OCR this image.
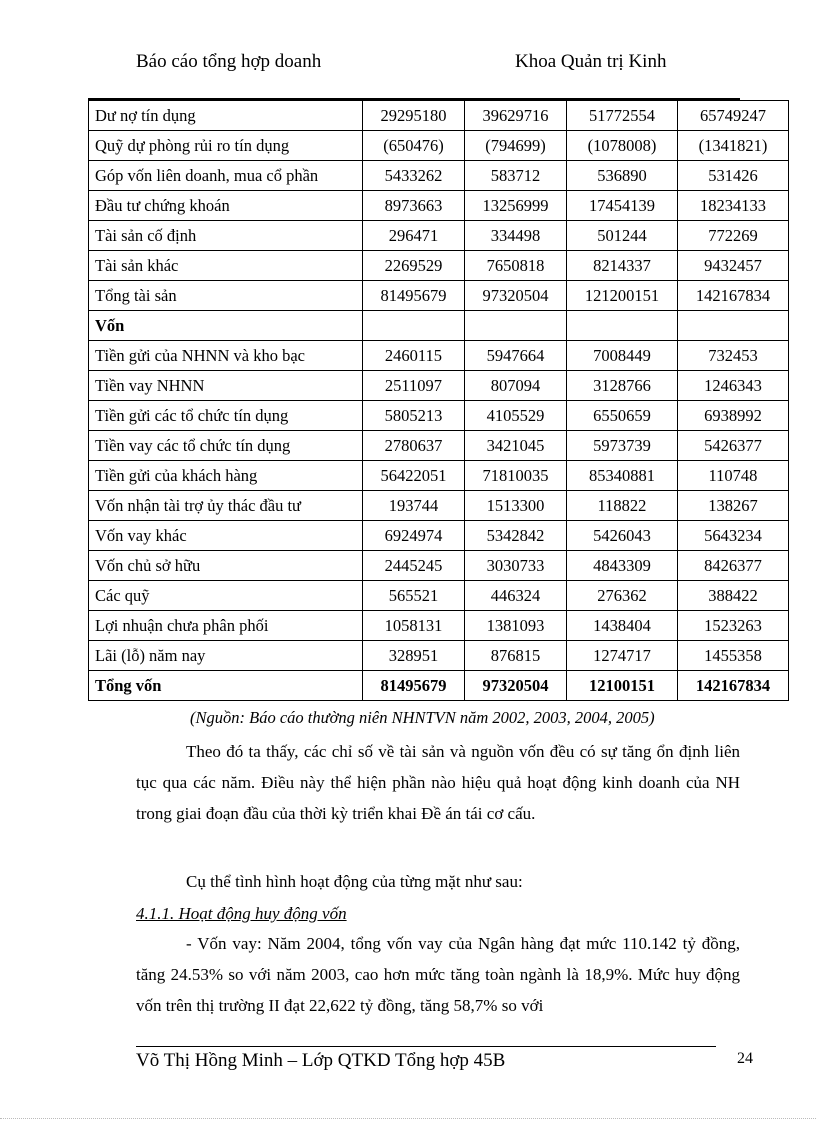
Báo cáo tổng hợp doanh	Khoa Quản trị Kinh
Dư nợ tín dụng	29295180	39629716	51772554	65749247
Quỹ dự phòng rủi ro tín dụng	(650476)	(794699)	(1078008)	(1341821)
Góp vốn liên doanh, mua cổ phần	5433262	583712	536890	531426
Đầu tư chứng khoán	8973663	13256999	17454139	18234133
Tài sản cố định	296471	334498	501244	772269
Tài sản khác	2269529	7650818	8214337	9432457
Tổng tài sản	81495679	97320504	121200151	142167834
Vốn				
Tiền gửi của NHNN và kho bạc	2460115	5947664	7008449	732453
Tiền vay NHNN	2511097	807094	3128766	1246343
Tiền gửi các tổ chức tín dụng	5805213	4105529	6550659	6938992
Tiền vay các tổ chức tín dụng	2780637	3421045	5973739	5426377
Tiền gửi của khách hàng	56422051	71810035	85340881	110748
Vốn nhận tài trợ ủy thác đầu tư	193744	1513300	118822	138267
Vốn vay khác	6924974	5342842	5426043	5643234
Vốn chủ sở hữu	2445245	3030733	4843309	8426377
Các quỹ	565521	446324	276362	388422
Lợi nhuận chưa phân phối	1058131	1381093	1438404	1523263
Lãi (lỗ) năm nay	328951	876815	1274717	1455358
Tổng vốn	81495679	97320504	12100151	142167834
(Nguồn: Báo cáo thường niên NHNTVN năm 2002, 2003, 2004, 2005)
Theo đó ta thấy, các chỉ số về tài sản và nguồn vốn đều có sự tăng ổn định liên tục qua các năm. Điều này thể hiện phần nào hiệu quả hoạt động kinh doanh của NH trong giai đoạn đầu của thời kỳ triển khai Đề án tái cơ cấu.
Cụ thể tình hình hoạt động của từng mặt như sau:
4.1.1. Hoạt động huy động vốn
- Vốn vay: Năm 2004, tổng vốn vay của Ngân hàng đạt mức 110.142 tỷ đồng, tăng 24.53% so với năm 2003, cao hơn mức tăng toàn ngành là 18,9%. Mức huy động vốn trên thị trường II đạt 22,622 tỷ đồng, tăng 58,7% so với
Võ Thị Hồng Minh – Lớp QTKD Tổng hợp 45B	24
